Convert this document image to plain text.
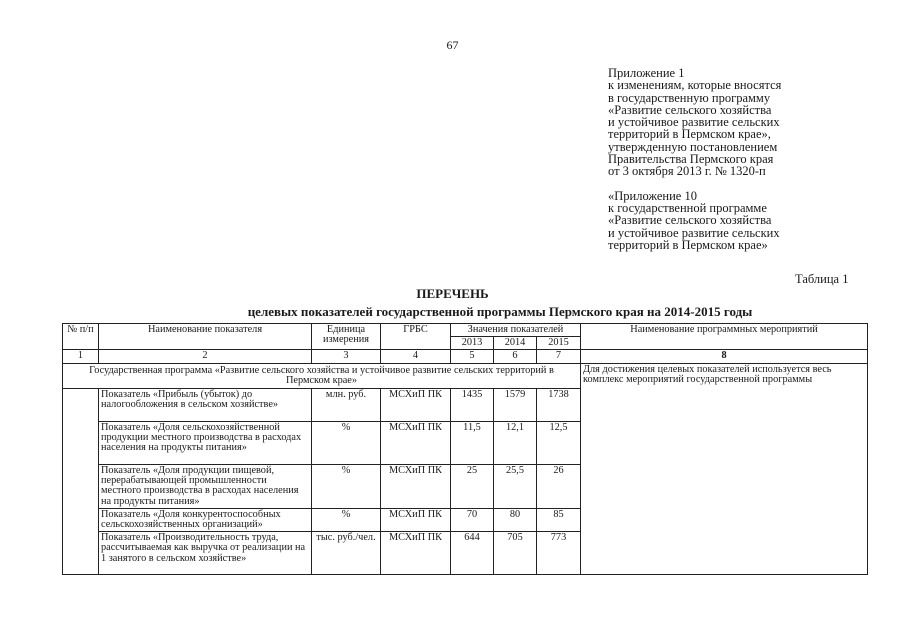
67
Приложение 1
к изменениям, которые вносятся
в государственную программу
«Развитие сельского хозяйства
и устойчивое развитие сельских
территорий в Пермском крае»,
утвержденную постановлением
Правительства Пермского края
от 3 октября 2013 г. № 1320-п
«Приложение 10
к государственной программе
«Развитие сельского хозяйства
и устойчивое развитие сельских
территорий в Пермском крае»
Таблица 1
ПЕРЕЧЕНЬ
целевых показателей государственной программы Пермского края на 2014-2015 годы
№ п/п	Наименование показателя	Единица измерения	ГРБС	Значения показателей			Наименование программных мероприятий
				2013	2014	2015	
1	2	3	4	5	6	7	8
Государственная программа «Развитие сельского хозяйства и устойчивое развитие сельских территорий в Пермском крае»							Для достижения целевых показателей используется весь комплекс мероприятий государственной программы
	Показатель «Прибыль (убыток) до налогообложения в сельском хозяйстве»	млн. руб.	МСХиП ПК	1435	1579	1738	
	Показатель «Доля сельскохозяйственной продукции местного производства в расходах населения на продукты питания»	%	МСХиП ПК	11,5	12,1	12,5	
	Показатель «Доля продукции пищевой, перерабатывающей промышленности местного производства в расходах населения на продукты питания»	%	МСХиП ПК	25	25,5	26	
	Показатель «Доля конкурентоспособных сельскохозяйственных организаций»	%	МСХиП ПК	70	80	85	
	Показатель «Производительность труда, рассчитываемая как выручка от реализации на 1 занятого в сельском хозяйстве»	тыс. руб./чел.	МСХиП ПК	644	705	773	
